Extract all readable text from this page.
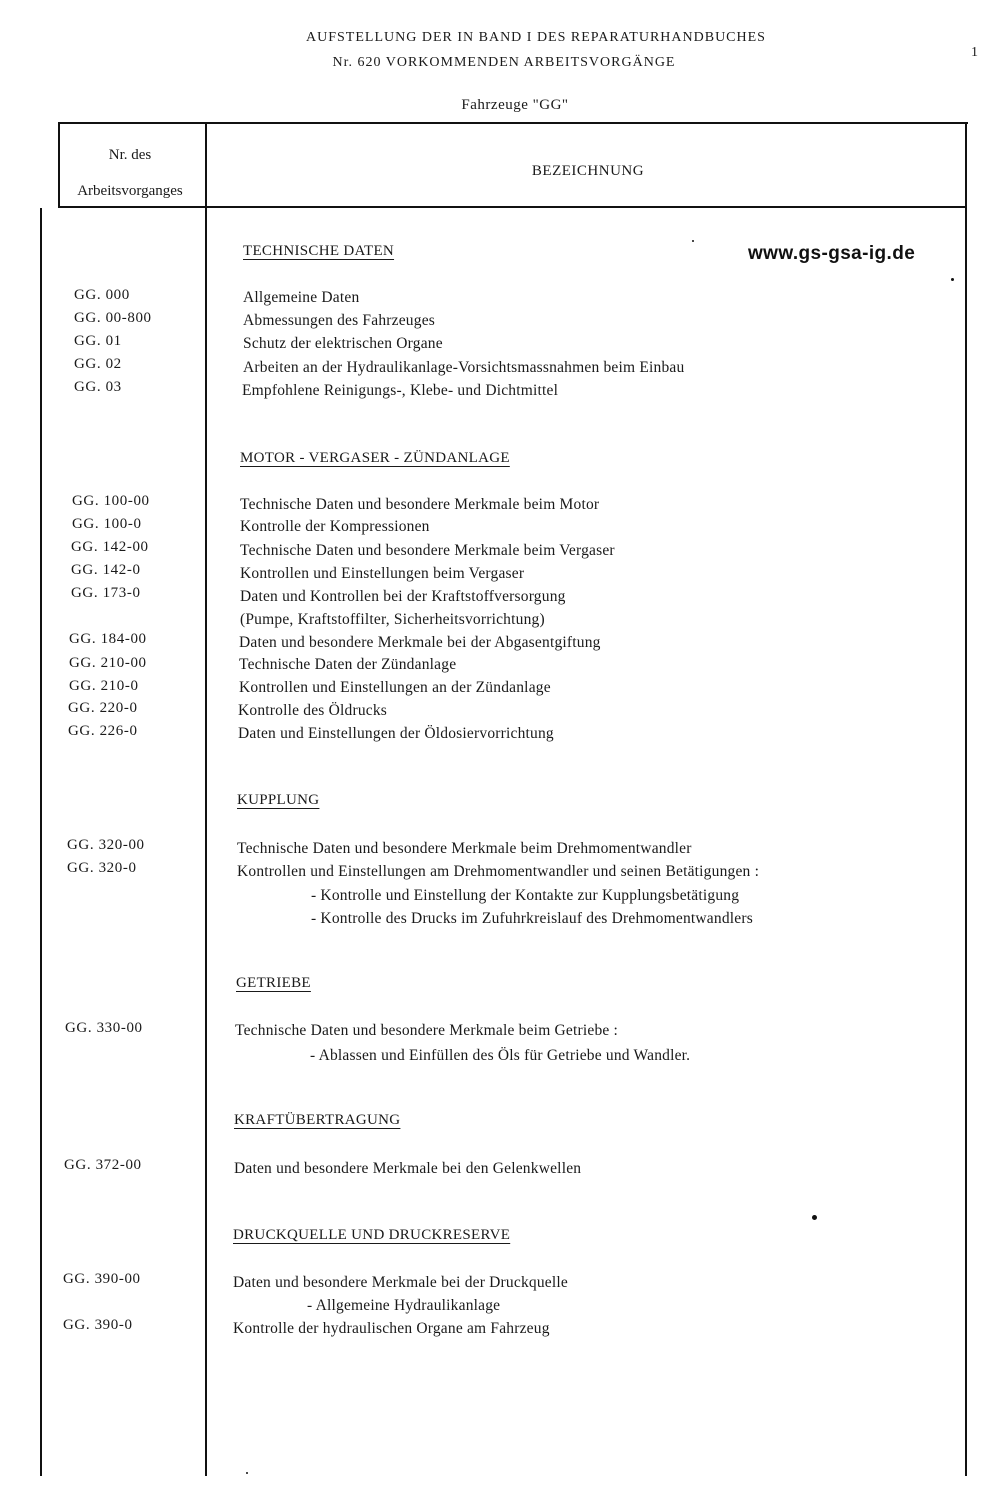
AUFSTELLUNG DER IN BAND I DES REPARATURHANDBUCHES
Nr. 620 VORKOMMENDEN ARBEITSVORGÄNGE
Fahrzeuge "GG"
1
Nr. des
Arbeitsvorganges
BEZEICHNUNG
www.gs-gsa-ig.de
TECHNISCHE DATEN
GG. 000	Allgemeine Daten
GG. 00-800	Abmessungen des Fahrzeuges
GG. 01	Schutz der elektrischen Organe
GG. 02	Arbeiten an der Hydraulikanlage-Vorsichtsmassnahmen beim Einbau
GG. 03	Empfohlene Reinigungs-, Klebe- und Dichtmittel
MOTOR - VERGASER - ZÜNDANLAGE
GG. 100-00	Technische Daten und besondere Merkmale beim Motor
GG. 100-0	Kontrolle der Kompressionen
GG. 142-00	Technische Daten und besondere Merkmale beim Vergaser
GG. 142-0	Kontrollen und Einstellungen beim Vergaser
GG. 173-0	Daten und Kontrollen bei der Kraftstoffversorgung
(Pumpe, Kraftstoffilter, Sicherheitsvorrichtung)
GG. 184-00	Daten und besondere Merkmale bei der Abgasentgiftung
GG. 210-00	Technische Daten der Zündanlage
GG. 210-0	Kontrollen und Einstellungen an der Zündanlage
GG. 220-0	Kontrolle des Öldrucks
GG. 226-0	Daten und Einstellungen der Öldosiervorrichtung
KUPPLUNG
GG. 320-00	Technische Daten und besondere Merkmale beim Drehmomentwandler
GG. 320-0	Kontrollen und Einstellungen am Drehmomentwandler und seinen Betätigungen :
- Kontrolle und Einstellung der Kontakte zur Kupplungsbetätigung
- Kontrolle des Drucks im Zufuhrkreislauf des Drehmomentwandlers
GETRIEBE
GG. 330-00	Technische Daten und besondere Merkmale beim Getriebe :
- Ablassen und Einfüllen des Öls für Getriebe und Wandler.
KRAFTÜBERTRAGUNG
GG. 372-00	Daten und besondere Merkmale bei den Gelenkwellen
DRUCKQUELLE UND DRUCKRESERVE
GG. 390-00	Daten und besondere Merkmale bei der Druckquelle
- Allgemeine Hydraulikanlage
GG. 390-0	Kontrolle der hydraulischen Organe am Fahrzeug
